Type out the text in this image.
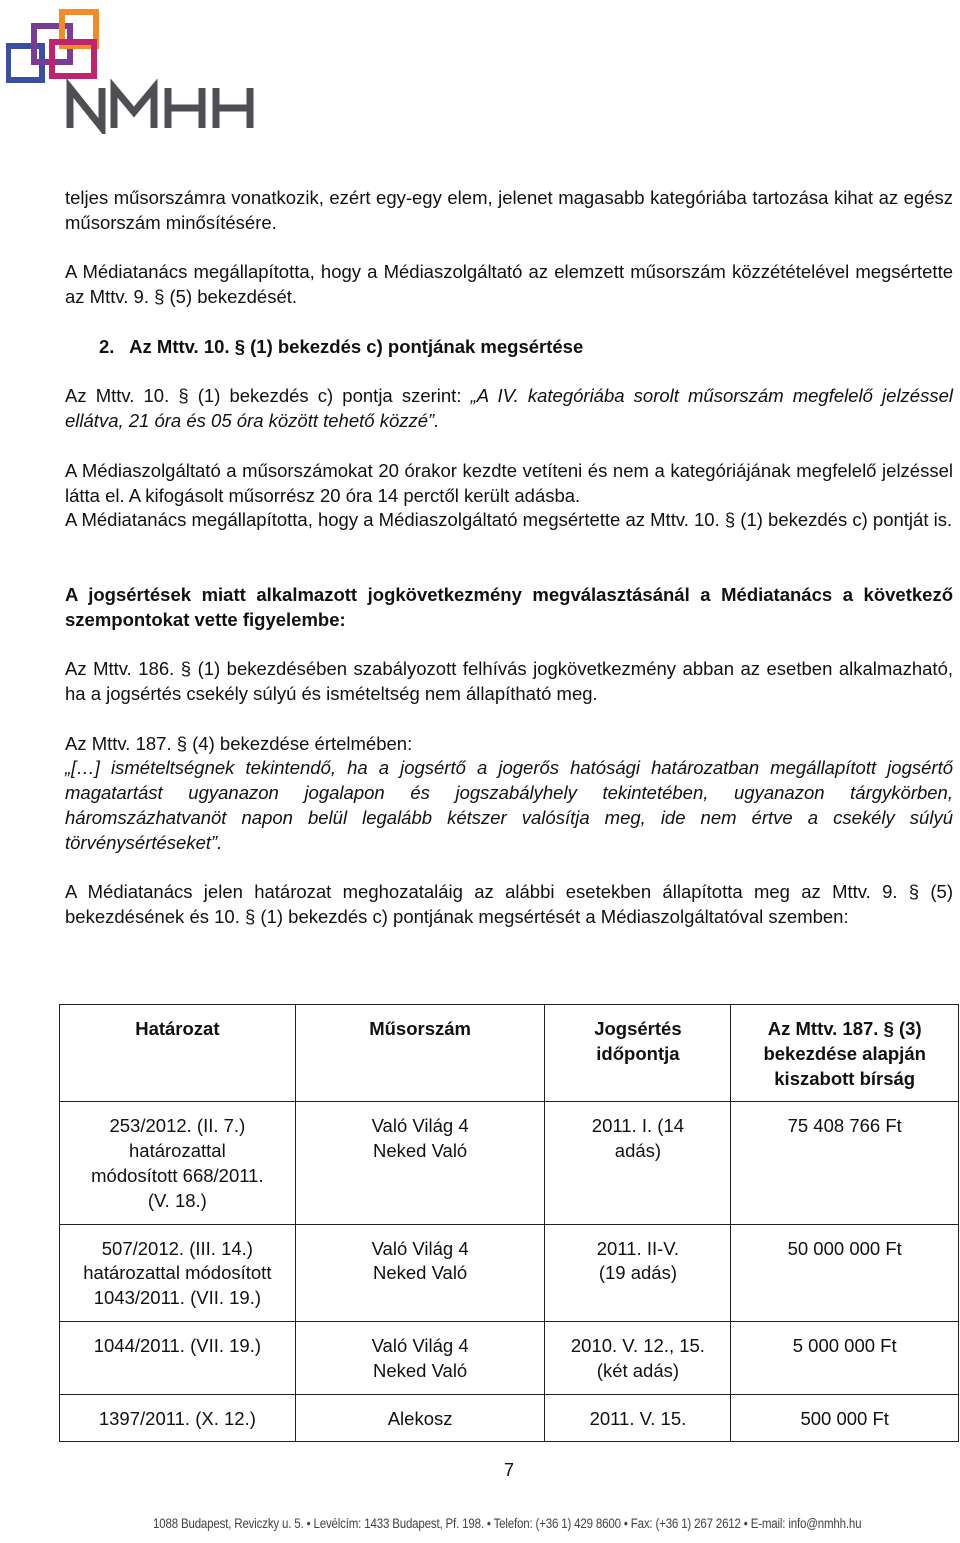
teljes műsorszámra vonatkozik, ezért egy-egy elem, jelenet magasabb kategóriába tartozása kihat az egész műsorszám minősítésére.

A Médiatanács megállapította, hogy a Médiaszolgáltató az elemzett műsorszám közzétételével megsértette az Mttv. 9. § (5) bekezdését.

2.   Az Mttv. 10. § (1) bekezdés c) pontjának megsértése

Az Mttv. 10. § (1) bekezdés c) pontja szerint: „A IV. kategóriába sorolt műsorszám megfelelő jelzéssel ellátva, 21 óra és 05 óra között tehető közzé”.

A Médiaszolgáltató a műsorszámokat 20 órakor kezdte vetíteni és nem a kategóriájának megfelelő jelzéssel látta el. A kifogásolt műsorrész 20 óra 14 perctől került adásba.

A Médiatanács megállapította, hogy a Médiaszolgáltató megsértette az Mttv. 10. § (1) bekezdés c) pontját is.

A jogsértések miatt alkalmazott jogkövetkezmény megválasztásánál a Médiatanács a következő szempontokat vette figyelembe:

Az Mttv. 186. § (1) bekezdésében szabályozott felhívás jogkövetkezmény abban az esetben alkalmazható, ha a jogsértés csekély súlyú és ismételtség nem állapítható meg.

Az Mttv. 187. § (4) bekezdése értelmében:

„[…] ismételtségnek tekintendő, ha a jogsértő a jogerős hatósági határozatban megállapított jogsértő magatartást ugyanazon jogalapon és jogszabályhely tekintetében, ugyanazon tárgykörben, háromszázhatvanöt napon belül legalább kétszer valósítja meg, ide nem értve a csekély súlyú törvénysértéseket”.

A Médiatanács jelen határozat meghozataláig az alábbi esetekben állapította meg az Mttv. 9. § (5) bekezdésének és 10. § (1) bekezdés c) pontjának megsértését a Médiaszolgáltatóval szemben:

Határozat	Műsorszám	Jogsértés időpontja	Az Mttv. 187. § (3) bekezdése alapján kiszabott bírság
253/2012. (II. 7.) határozattal módosított 668/2011. (V. 18.)	Való Világ 4 Neked Való	2011. I. (14 adás)	75 408 766 Ft
507/2012. (III. 14.) határozattal módosított 1043/2011. (VII. 19.)	Való Világ 4 Neked Való	2011. II-V. (19 adás)	50 000 000 Ft
1044/2011. (VII. 19.)	Való Világ 4 Neked Való	2010. V. 12., 15. (két adás)	5 000 000 Ft
1397/2011. (X. 12.)	Alekosz	2011. V. 15.	500 000 Ft
7
1088 Budapest, Reviczky u. 5. • Levélcím: 1433 Budapest, Pf. 198. • Telefon: (+36 1) 429 8600 • Fax: (+36 1) 267 2612 • E-mail: info@nmhh.hu
